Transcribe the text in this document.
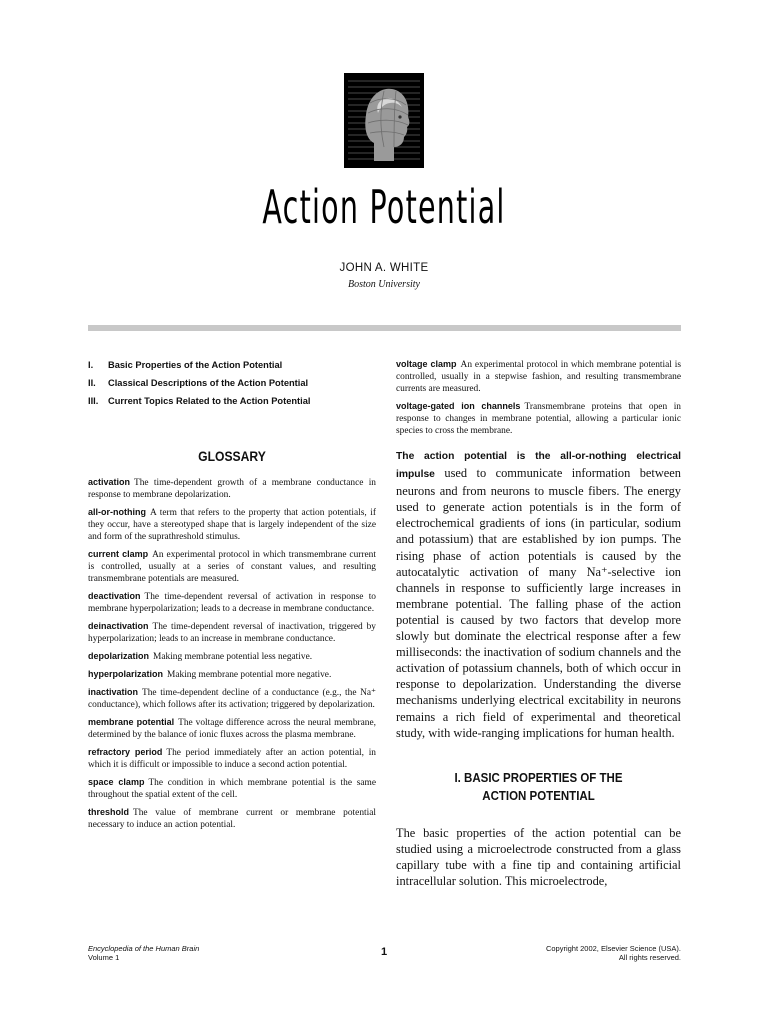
Action Potential
JOHN A. WHITE
Boston University
I.	Basic Properties of the Action Potential
II.	Classical Descriptions of the Action Potential
III.	Current Topics Related to the Action Potential
GLOSSARY

activation The time-dependent growth of a membrane conductance in response to membrane depolarization.

all-or-nothing A term that refers to the property that action potentials, if they occur, have a stereotyped shape that is largely independent of the size and form of the suprathreshold stimulus.

current clamp An experimental protocol in which transmembrane current is controlled, usually at a series of constant values, and resulting transmembrane potentials are measured.

deactivation The time-dependent reversal of activation in response to membrane hyperpolarization; leads to a decrease in membrane conductance.

deinactivation The time-dependent reversal of inactivation, triggered by hyperpolarization; leads to an increase in membrane conductance.

depolarization Making membrane potential less negative.

hyperpolarization Making membrane potential more negative.

inactivation The time-dependent decline of a conductance (e.g., the Na⁺ conductance), which follows after its activation; triggered by depolarization.

membrane potential The voltage difference across the neural membrane, determined by the balance of ionic fluxes across the plasma membrane.

refractory period The period immediately after an action potential, in which it is difficult or impossible to induce a second action potential.

space clamp The condition in which membrane potential is the same throughout the spatial extent of the cell.

threshold The value of membrane current or membrane potential necessary to induce an action potential.

voltage clamp An experimental protocol in which membrane potential is controlled, usually in a stepwise fashion, and resulting transmembrane currents are measured.

voltage-gated ion channels Transmembrane proteins that open in response to changes in membrane potential, allowing a particular ionic species to cross the membrane.

The action potential is the all-or-nothing electrical impulse used to communicate information between neurons and from neurons to muscle fibers. The energy used to generate action potentials is in the form of electrochemical gradients of ions (in particular, sodium and potassium) that are established by ion pumps. The rising phase of action potentials is caused by the autocatalytic activation of many Na⁺-selective ion channels in response to sufficiently large increases in membrane potential. The falling phase of the action potential is caused by two factors that develop more slowly but dominate the electrical response after a few milliseconds: the inactivation of sodium channels and the activation of potassium channels, both of which occur in response to depolarization. Understanding the diverse mechanisms underlying electrical excitability in neurons remains a rich field of experimental and theoretical study, with wide-ranging implications for human health.

I. BASIC PROPERTIES OF THE
ACTION POTENTIAL

The basic properties of the action potential can be studied using a microelectrode constructed from a glass capillary tube with a fine tip and containing artificial intracellular solution. This microelectrode,

Encyclopedia of the Human Brain
Volume 1	1	Copyright 2002, Elsevier Science (USA).
All rights reserved.
